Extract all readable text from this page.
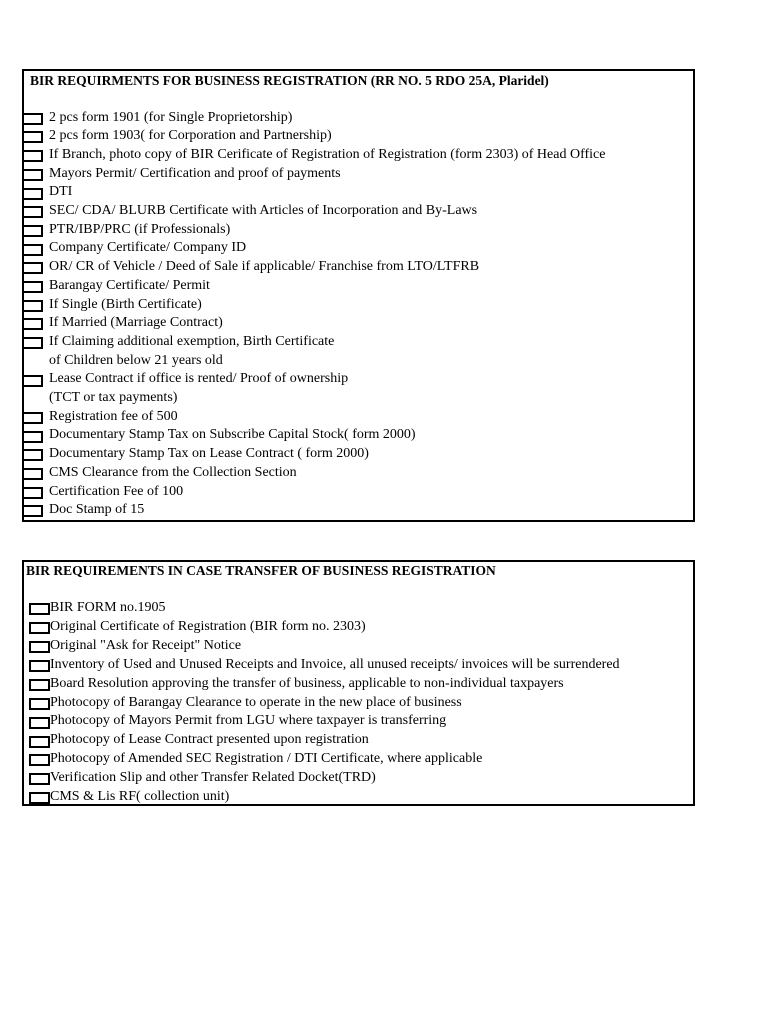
BIR REQUIRMENTS FOR BUSINESS REGISTRATION (RR NO. 5 RDO 25A, Plaridel)
2 pcs form 1901 (for Single Proprietorship)
2 pcs form 1903( for Corporation and Partnership)
If Branch, photo copy of BIR Cerificate of Registration of Registration (form 2303) of Head Office
Mayors Permit/ Certification and proof of payments
DTI
SEC/ CDA/ BLURB Certificate with Articles of Incorporation and By-Laws
PTR/IBP/PRC (if Professionals)
Company Certificate/ Company ID
OR/ CR of Vehicle / Deed of Sale if applicable/ Franchise from LTO/LTFRB
Barangay Certificate/ Permit
If Single (Birth Certificate)
If Married (Marriage Contract)
If Claiming additional exemption, Birth Certificate
of Children below 21 years old
Lease Contract if office is rented/ Proof of ownership
(TCT or tax payments)
Registration fee of 500
Documentary Stamp Tax on Subscribe Capital Stock( form 2000)
Documentary Stamp Tax on Lease Contract ( form 2000)
CMS Clearance from the Collection Section
Certification Fee of 100
Doc Stamp of 15
BIR REQUIREMENTS IN CASE TRANSFER OF BUSINESS REGISTRATION
BIR FORM no.1905
Original Certificate of Registration (BIR form no. 2303)
Original "Ask for Receipt" Notice
Inventory of Used and Unused Receipts and Invoice, all unused receipts/ invoices will be surrendered
Board Resolution approving the transfer of business, applicable to non-individual taxpayers
Photocopy of Barangay Clearance to operate in the new place of business
Photocopy of Mayors Permit from LGU where taxpayer is transferring
Photocopy of Lease Contract presented upon registration
Photocopy of Amended SEC Registration / DTI Certificate, where applicable
Verification Slip and other Transfer Related Docket(TRD)
CMS & Lis RF( collection unit)
